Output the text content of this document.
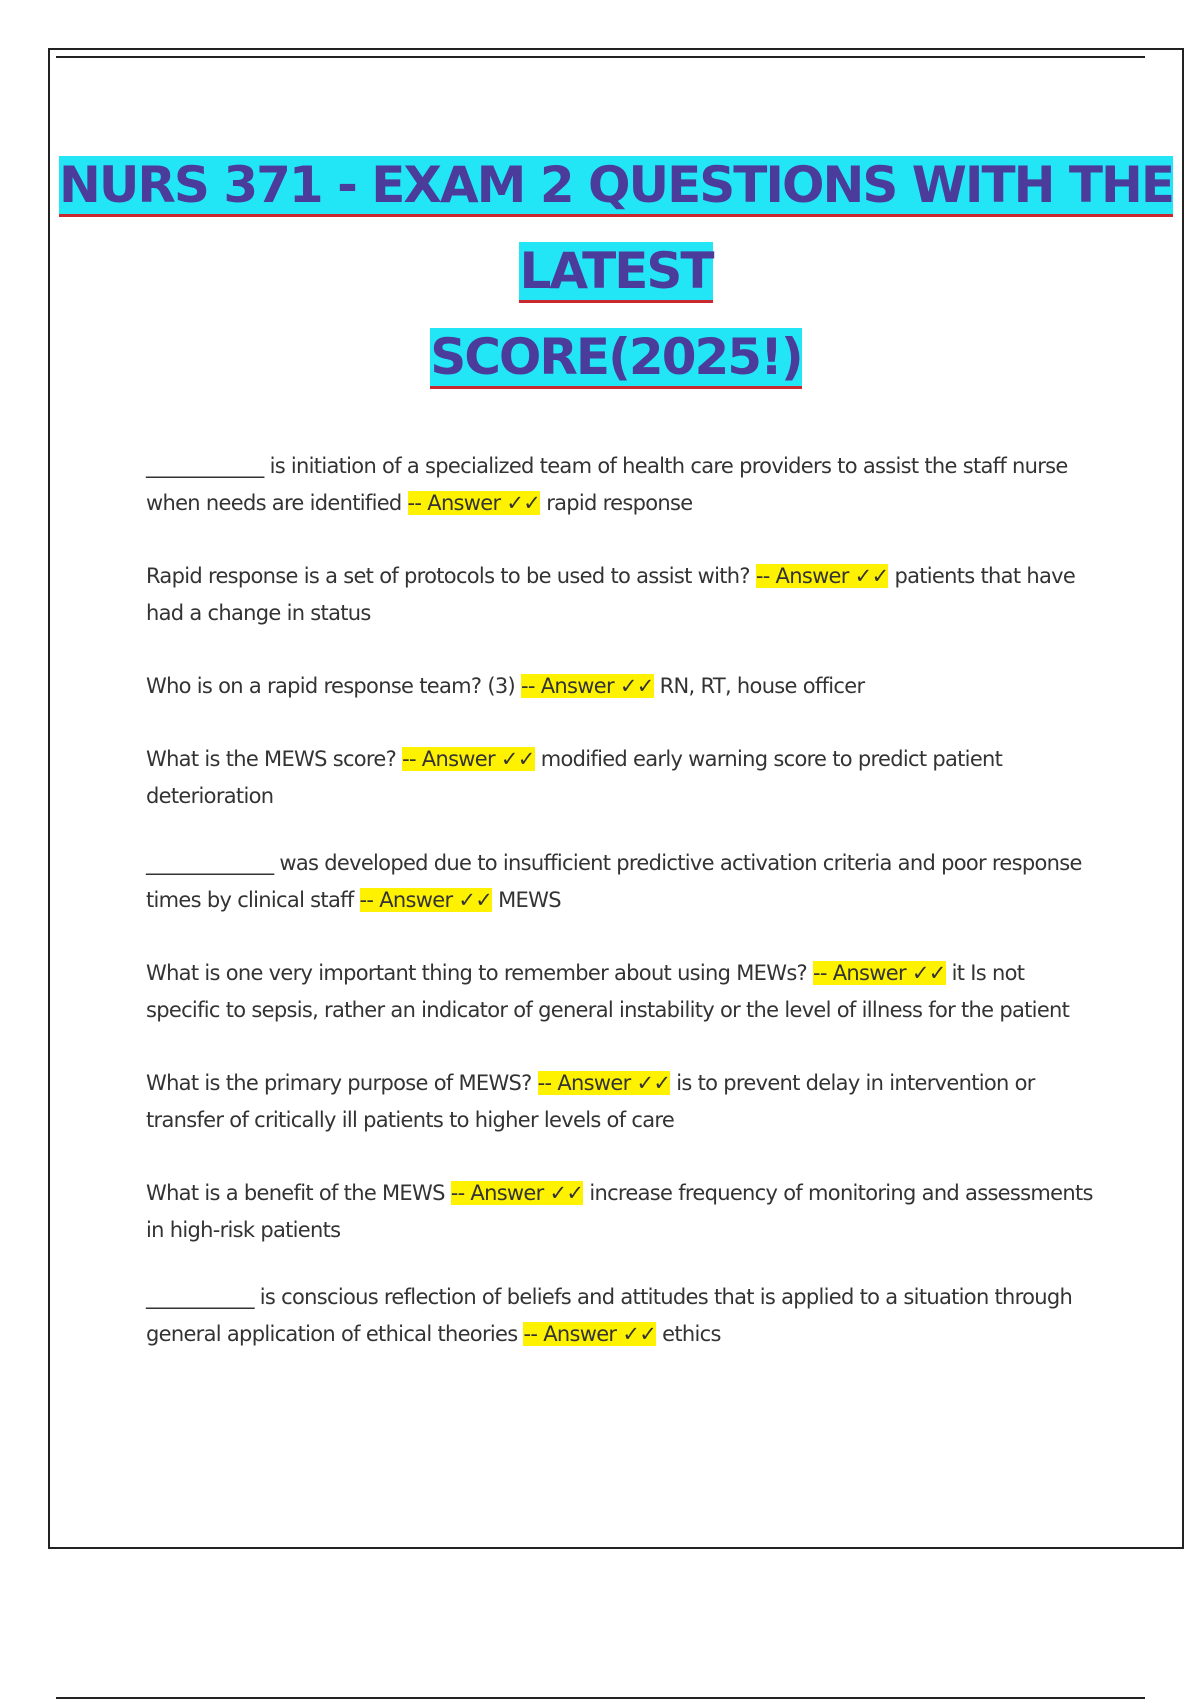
NURS 371 - EXAM 2 QUESTIONS WITH THE LATEST
SCORE(2025!)

____________ is initiation of a specialized team of health care providers to assist the staff nurse when needs are identified -- Answer ✓✓ rapid response

Rapid response is a set of protocols to be used to assist with? -- Answer ✓✓ patients that have had a change in status

Who is on a rapid response team? (3) -- Answer ✓✓ RN, RT, house officer

What is the MEWS score? -- Answer ✓✓ modified early warning score to predict patient deterioration

_____________ was developed due to insufficient predictive activation criteria and poor response times by clinical staff -- Answer ✓✓ MEWS

What is one very important thing to remember about using MEWs? -- Answer ✓✓ it Is not specific to sepsis, rather an indicator of general instability or the level of illness for the patient

What is the primary purpose of MEWS? -- Answer ✓✓ is to prevent delay in intervention or transfer of critically ill patients to higher levels of care

What is a benefit of the MEWS -- Answer ✓✓ increase frequency of monitoring and assessments in high-risk patients

___________ is conscious reflection of beliefs and attitudes that is applied to a situation through general application of ethical theories -- Answer ✓✓ ethics
